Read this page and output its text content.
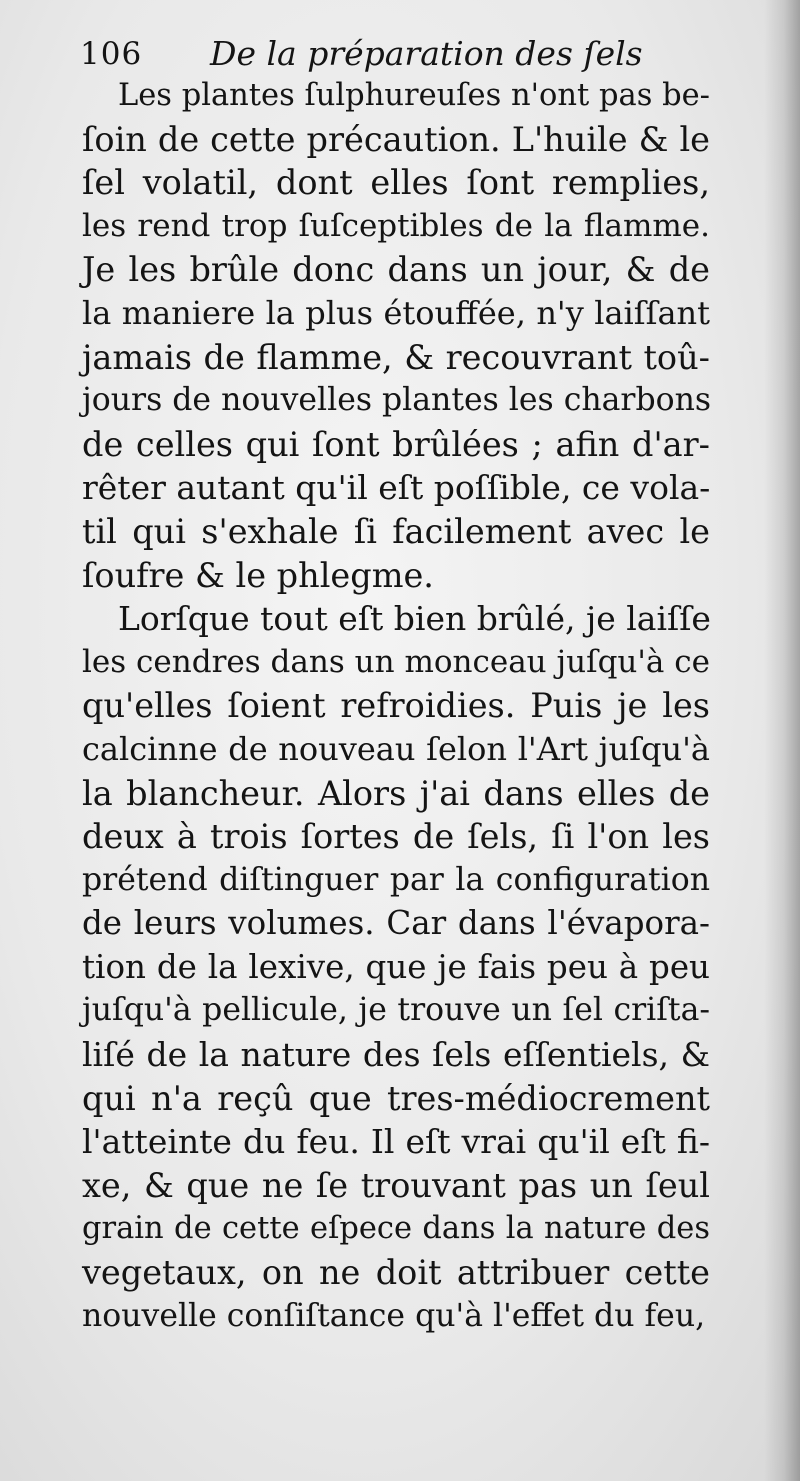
106 De la préparation des ſels
Les plantes ſulphureuſes n'ont pas be-
ſoin de cette précaution. L'huile & le
ſel volatil, dont elles ſont remplies,
les rend trop ſuſceptibles de la flamme.
Je les brûle donc dans un jour, & de
la maniere la plus étouffée, n'y laiſſant
jamais de flamme, & recouvrant toû-
jours de nouvelles plantes les charbons
de celles qui ſont brûlées ; afin d'ar-
rêter autant qu'il eſt poſſible, ce vola-
til qui s'exhale ſi facilement avec le
ſoufre & le phlegme.
Lorſque tout eſt bien brûlé, je laiſſe
les cendres dans un monceau juſqu'à ce
qu'elles ſoient refroidies. Puis je les
calcinne de nouveau ſelon l'Art juſqu'à
la blancheur. Alors j'ai dans elles de
deux à trois ſortes de ſels, ſi l'on les
prétend diſtinguer par la configuration
de leurs volumes. Car dans l'évapora-
tion de la lexive, que je fais peu à peu
juſqu'à pellicule, je trouve un ſel criſta-
liſé de la nature des ſels eſſentiels, &
qui n'a reçû que tres-médiocrement
l'atteinte du feu. Il eſt vrai qu'il eſt fi-
xe, & que ne ſe trouvant pas un ſeul
grain de cette eſpece dans la nature des
vegetaux, on ne doit attribuer cette
nouvelle conſiſtance qu'à l'effet du feu,
